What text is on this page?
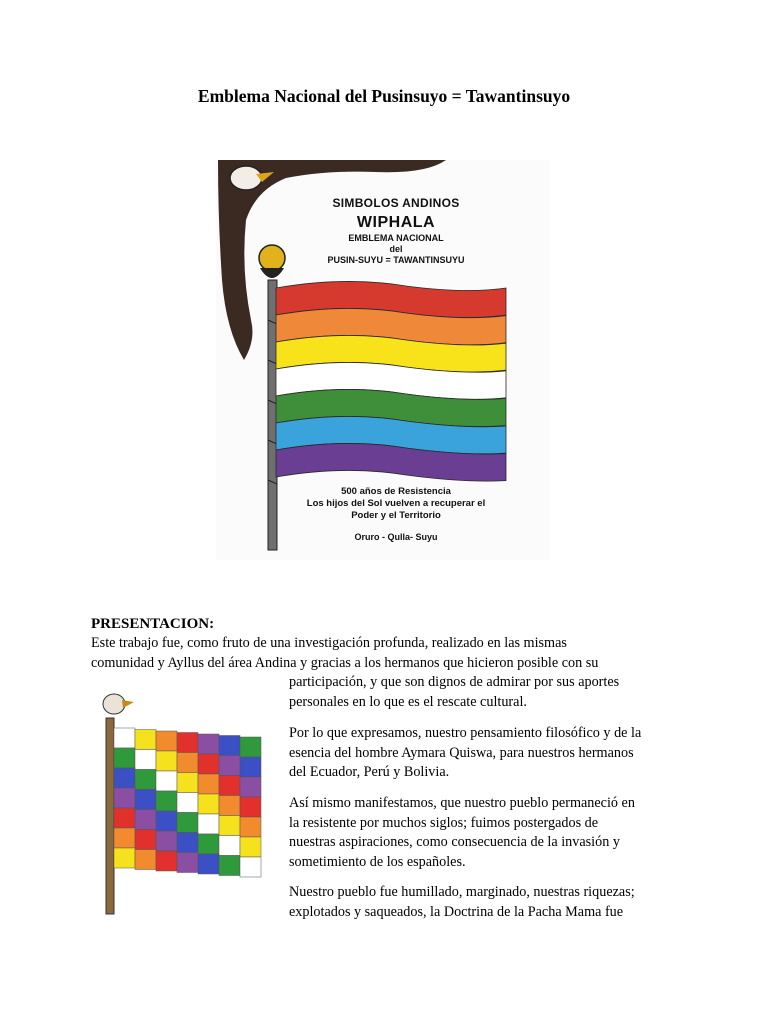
Emblema Nacional del Pusinsuyo = Tawantinsuyo
SIMBOLOS ANDINOS
WIPHALA
EMBLEMA NACIONAL
del
PUSIN-SUYU = TAWANTINSUYU
500 años de Resistencia
Los hijos del Sol vuelven a recuperar el
Poder y el Territorio
Oruro - Qulla- Suyu
PRESENTACION:
Este trabajo fue, como fruto de una investigación profunda, realizado en las mismas
comunidad y Ayllus del área Andina y gracias a los hermanos que hicieron posible con su
participación, y que son dignos de admirar por sus aportes
personales en lo que es el rescate cultural.
Por lo que expresamos, nuestro pensamiento filosófico y de la
esencia del hombre Aymara Quiswa, para nuestros hermanos
del Ecuador, Perú y Bolivia.
Así mismo manifestamos, que nuestro pueblo permaneció en
la resistente por muchos siglos; fuimos postergados de
nuestras aspiraciones, como consecuencia de la invasión y
sometimiento de los españoles.
Nuestro pueblo fue humillado, marginado, nuestras riquezas;
explotados y saqueados, la Doctrina de la Pacha Mama fue
